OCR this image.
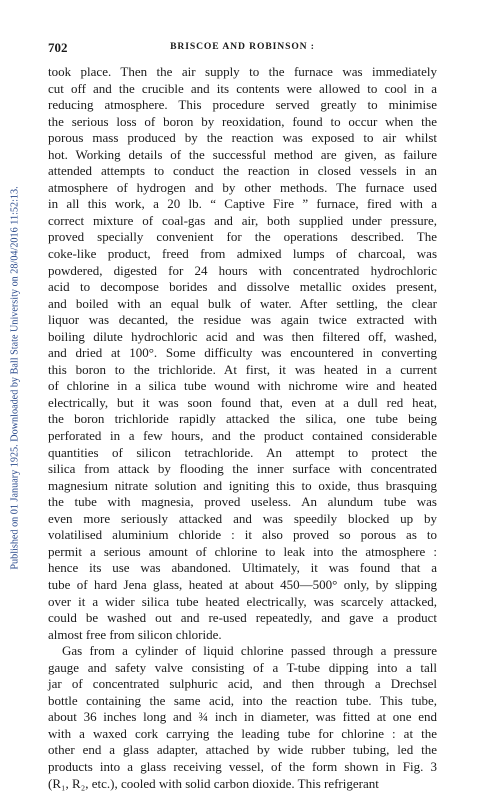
Published on 01 January 1925. Downloaded by Ball State University on 28/04/2016 11:52:13.
702	BRISCOE AND ROBINSON :
took place. Then the air supply to the furnace was immediately
cut off and the crucible and its contents were allowed to cool in a
reducing atmosphere. This procedure served greatly to minimise
the serious loss of boron by reoxidation, found to occur when the
porous mass produced by the reaction was exposed to air whilst
hot. Working details of the successful method are given, as failure
attended attempts to conduct the reaction in closed vessels in an
atmosphere of hydrogen and by other methods. The furnace used
in all this work, a 20 lb. “ Captive Fire ” furnace, fired with a
correct mixture of coal-gas and air, both supplied under pressure,
proved specially convenient for the operations described. The
coke-like product, freed from admixed lumps of charcoal, was
powdered, digested for 24 hours with concentrated hydrochloric
acid to decompose borides and dissolve metallic oxides present,
and boiled with an equal bulk of water. After settling, the clear
liquor was decanted, the residue was again twice extracted with
boiling dilute hydrochloric acid and was then filtered off, washed,
and dried at 100°. Some difficulty was encountered in converting
this boron to the trichloride. At first, it was heated in a current
of chlorine in a silica tube wound with nichrome wire and heated
electrically, but it was soon found that, even at a dull red heat,
the boron trichloride rapidly attacked the silica, one tube being
perforated in a few hours, and the product contained considerable
quantities of silicon tetrachloride. An attempt to protect the
silica from attack by flooding the inner surface with concentrated
magnesium nitrate solution and igniting this to oxide, thus brasquing
the tube with magnesia, proved useless. An alundum tube was
even more seriously attacked and was speedily blocked up by
volatilised aluminium chloride : it also proved so porous as to
permit a serious amount of chlorine to leak into the atmosphere :
hence its use was abandoned. Ultimately, it was found that a
tube of hard Jena glass, heated at about 450—500° only, by slipping
over it a wider silica tube heated electrically, was scarcely attacked,
could be washed out and re-used repeatedly, and gave a product
almost free from silicon chloride.
Gas from a cylinder of liquid chlorine passed through a pressure
gauge and safety valve consisting of a T-tube dipping into a tall
jar of concentrated sulphuric acid, and then through a Drechsel
bottle containing the same acid, into the reaction tube. This tube,
about 36 inches long and ¾ inch in diameter, was fitted at one end
with a waxed cork carrying the leading tube for chlorine : at the
other end a glass adapter, attached by wide rubber tubing, led the
products into a glass receiving vessel, of the form shown in Fig. 3
(R₁, R₂, etc.), cooled with solid carbon dioxide. This refrigerant
